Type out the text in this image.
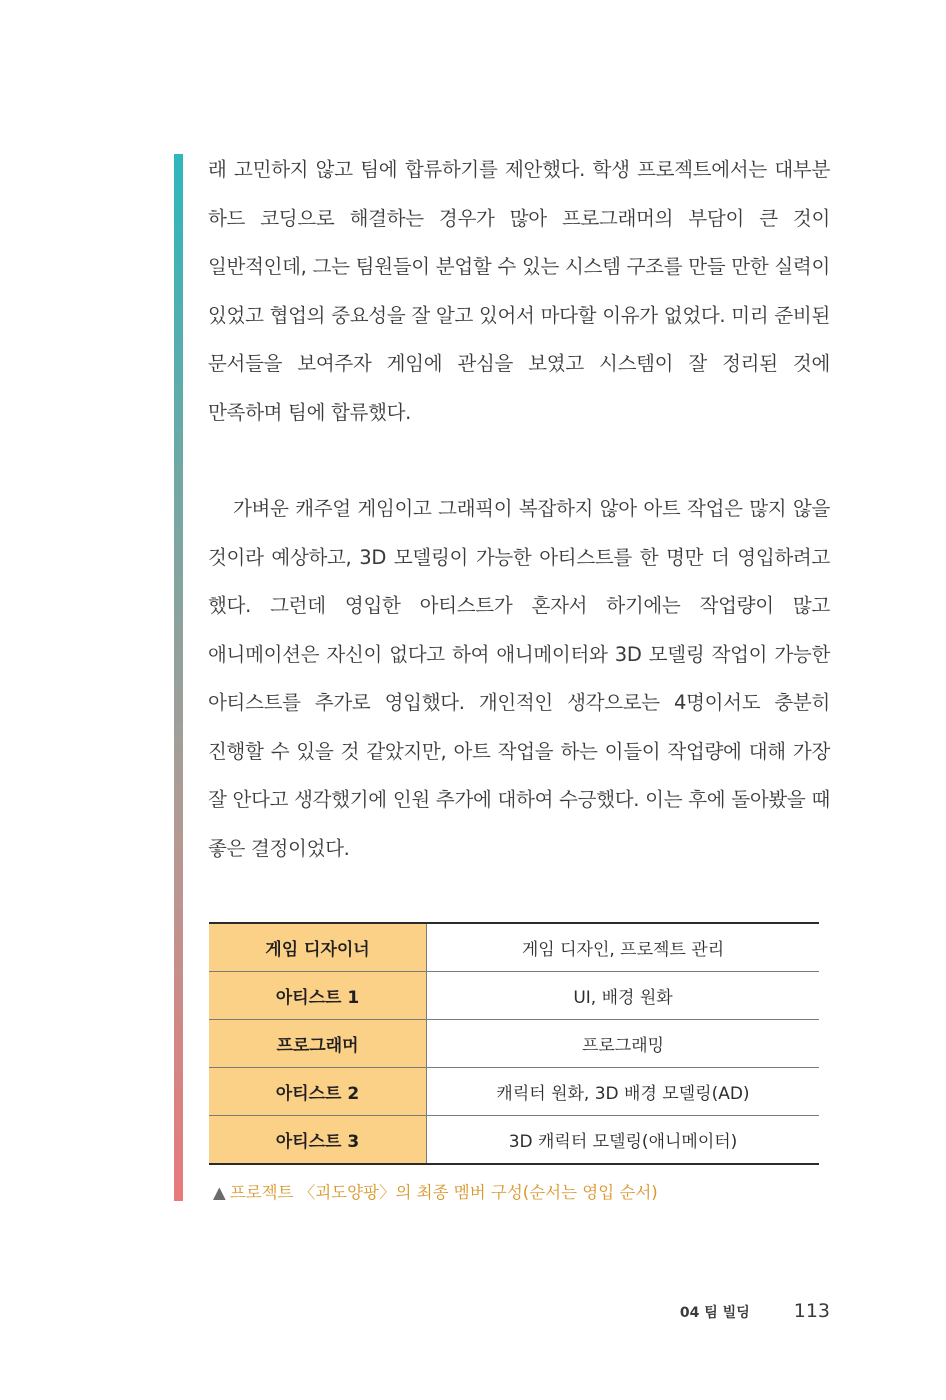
래 고민하지 않고 팀에 합류하기를 제안했다. 학생 프로젝트에서는 대부분 하드 코딩으로 해결하는 경우가 많아 프로그래머의 부담이 큰 것이 일반적인데, 그는 팀원들이 분업할 수 있는 시스템 구조를 만들 만한 실력이 있었고 협업의 중요성을 잘 알고 있어서 마다할 이유가 없었다. 미리 준비된 문서들을 보여주자 게임에 관심을 보였고 시스템이 잘 정리된 것에 만족하며 팀에 합류했다.

가벼운 캐주얼 게임이고 그래픽이 복잡하지 않아 아트 작업은 많지 않을 것이라 예상하고, 3D 모델링이 가능한 아티스트를 한 명만 더 영입하려고 했다. 그런데 영입한 아티스트가 혼자서 하기에는 작업량이 많고 애니메이션은 자신이 없다고 하여 애니메이터와 3D 모델링 작업이 가능한 아티스트를 추가로 영입했다. 개인적인 생각으로는 4명이서도 충분히 진행할 수 있을 것 같았지만, 아트 작업을 하는 이들이 작업량에 대해 가장 잘 안다고 생각했기에 인원 추가에 대하여 수긍했다. 이는 후에 돌아봤을 때 좋은 결정이었다.

게임 디자이너	게임 디자인, 프로젝트 관리
아티스트 1	UI, 배경 원화
프로그래머	프로그래밍
아티스트 2	캐릭터 원화, 3D 배경 모델링(AD)
아티스트 3	3D 캐릭터 모델링(애니메이터)
▲ 프로젝트 〈괴도양팡〉의 최종 멤버 구성(순서는 영입 순서)
04 팀 빌딩 113
